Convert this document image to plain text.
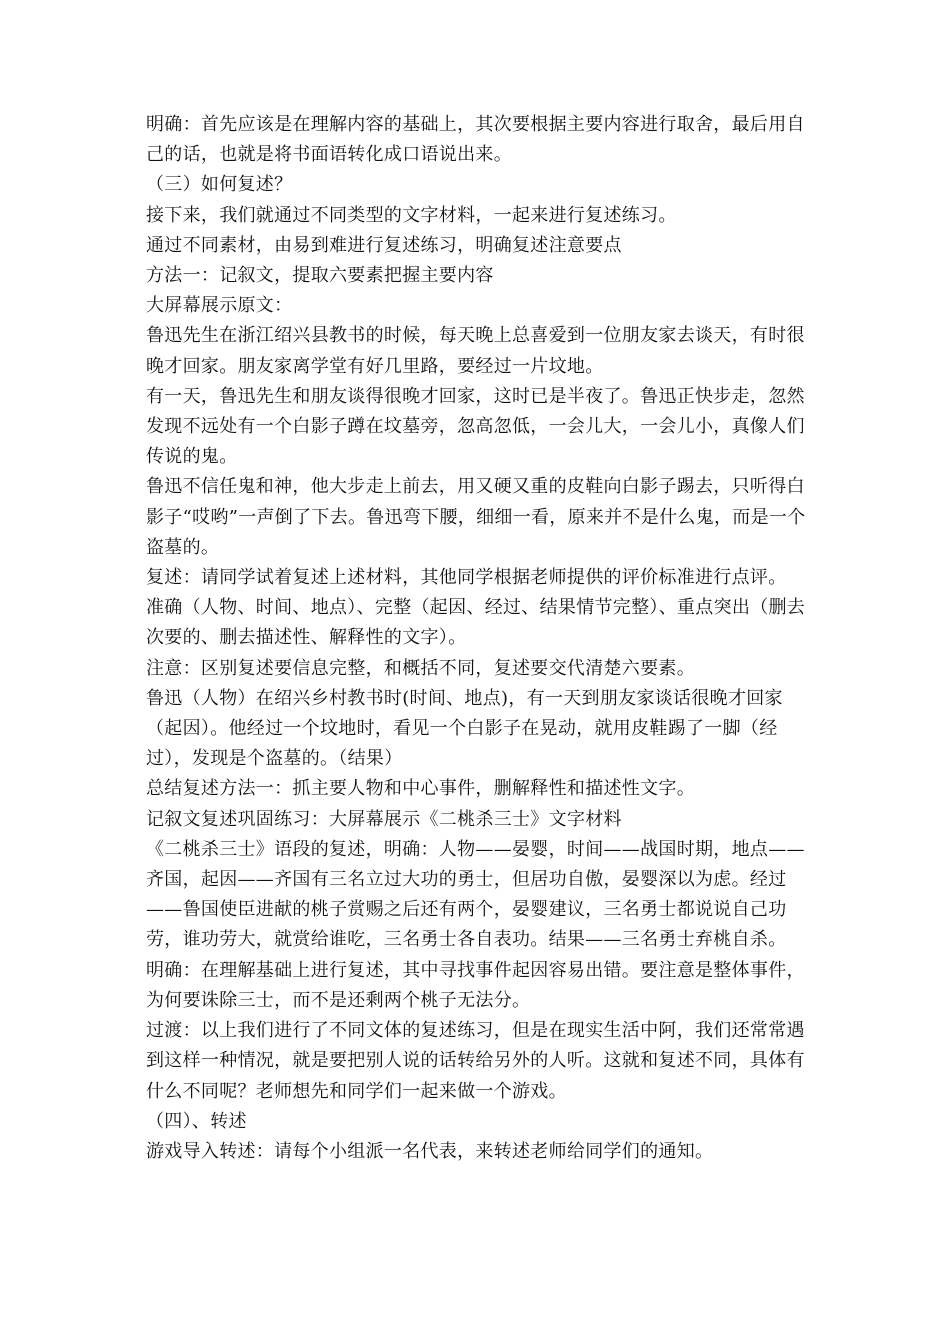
明确：首先应该是在理解内容的基础上，其次要根据主要内容进行取舍，最后用自己的话，也就是将书面语转化成口语说出来。

（三）如何复述？

接下来，我们就通过不同类型的文字材料，一起来进行复述练习。

通过不同素材，由易到难进行复述练习，明确复述注意要点

方法一：记叙文，提取六要素把握主要内容

大屏幕展示原文：

鲁迅先生在浙江绍兴县教书的时候，每天晚上总喜爱到一位朋友家去谈天，有时很晚才回家。朋友家离学堂有好几里路，要经过一片坟地。

有一天，鲁迅先生和朋友谈得很晚才回家，这时已是半夜了。鲁迅正快步走，忽然发现不远处有一个白影子蹲在坟墓旁，忽高忽低，一会儿大，一会儿小，真像人们传说的鬼。

鲁迅不信任鬼和神，他大步走上前去，用又硬又重的皮鞋向白影子踢去，只听得白影子“哎哟”一声倒了下去。鲁迅弯下腰，细细一看，原来并不是什么鬼，而是一个盗墓的。

复述：请同学试着复述上述材料，其他同学根据老师提供的评价标准进行点评。

准确（人物、时间、地点）、完整（起因、经过、结果情节完整）、重点突出（删去次要的、删去描述性、解释性的文字）。

注意：区别复述要信息完整，和概括不同，复述要交代清楚六要素。

鲁迅（人物）在绍兴乡村教书时(时间、地点)，有一天到朋友家谈话很晚才回家（起因）。他经过一个坟地时，看见一个白影子在晃动，就用皮鞋踢了一脚（经过），发现是个盗墓的。（结果）

总结复述方法一：抓主要人物和中心事件，删解释性和描述性文字。

记叙文复述巩固练习：大屏幕展示《二桃杀三士》文字材料

《二桃杀三士》语段的复述，明确：人物——晏婴，时间——战国时期，地点——齐国，起因——齐国有三名立过大功的勇士，但居功自傲，晏婴深以为虑。经过——鲁国使臣进献的桃子赏赐之后还有两个，晏婴建议，三名勇士都说说自己功劳，谁功劳大，就赏给谁吃，三名勇士各自表功。结果——三名勇士弃桃自杀。

明确：在理解基础上进行复述，其中寻找事件起因容易出错。要注意是整体事件，为何要诛除三士，而不是还剩两个桃子无法分。

过渡：以上我们进行了不同文体的复述练习，但是在现实生活中阿，我们还常常遇到这样一种情况，就是要把别人说的话转给另外的人听。这就和复述不同，具体有什么不同呢？老师想先和同学们一起来做一个游戏。

（四）、转述

游戏导入转述：请每个小组派一名代表，来转述老师给同学们的通知。
